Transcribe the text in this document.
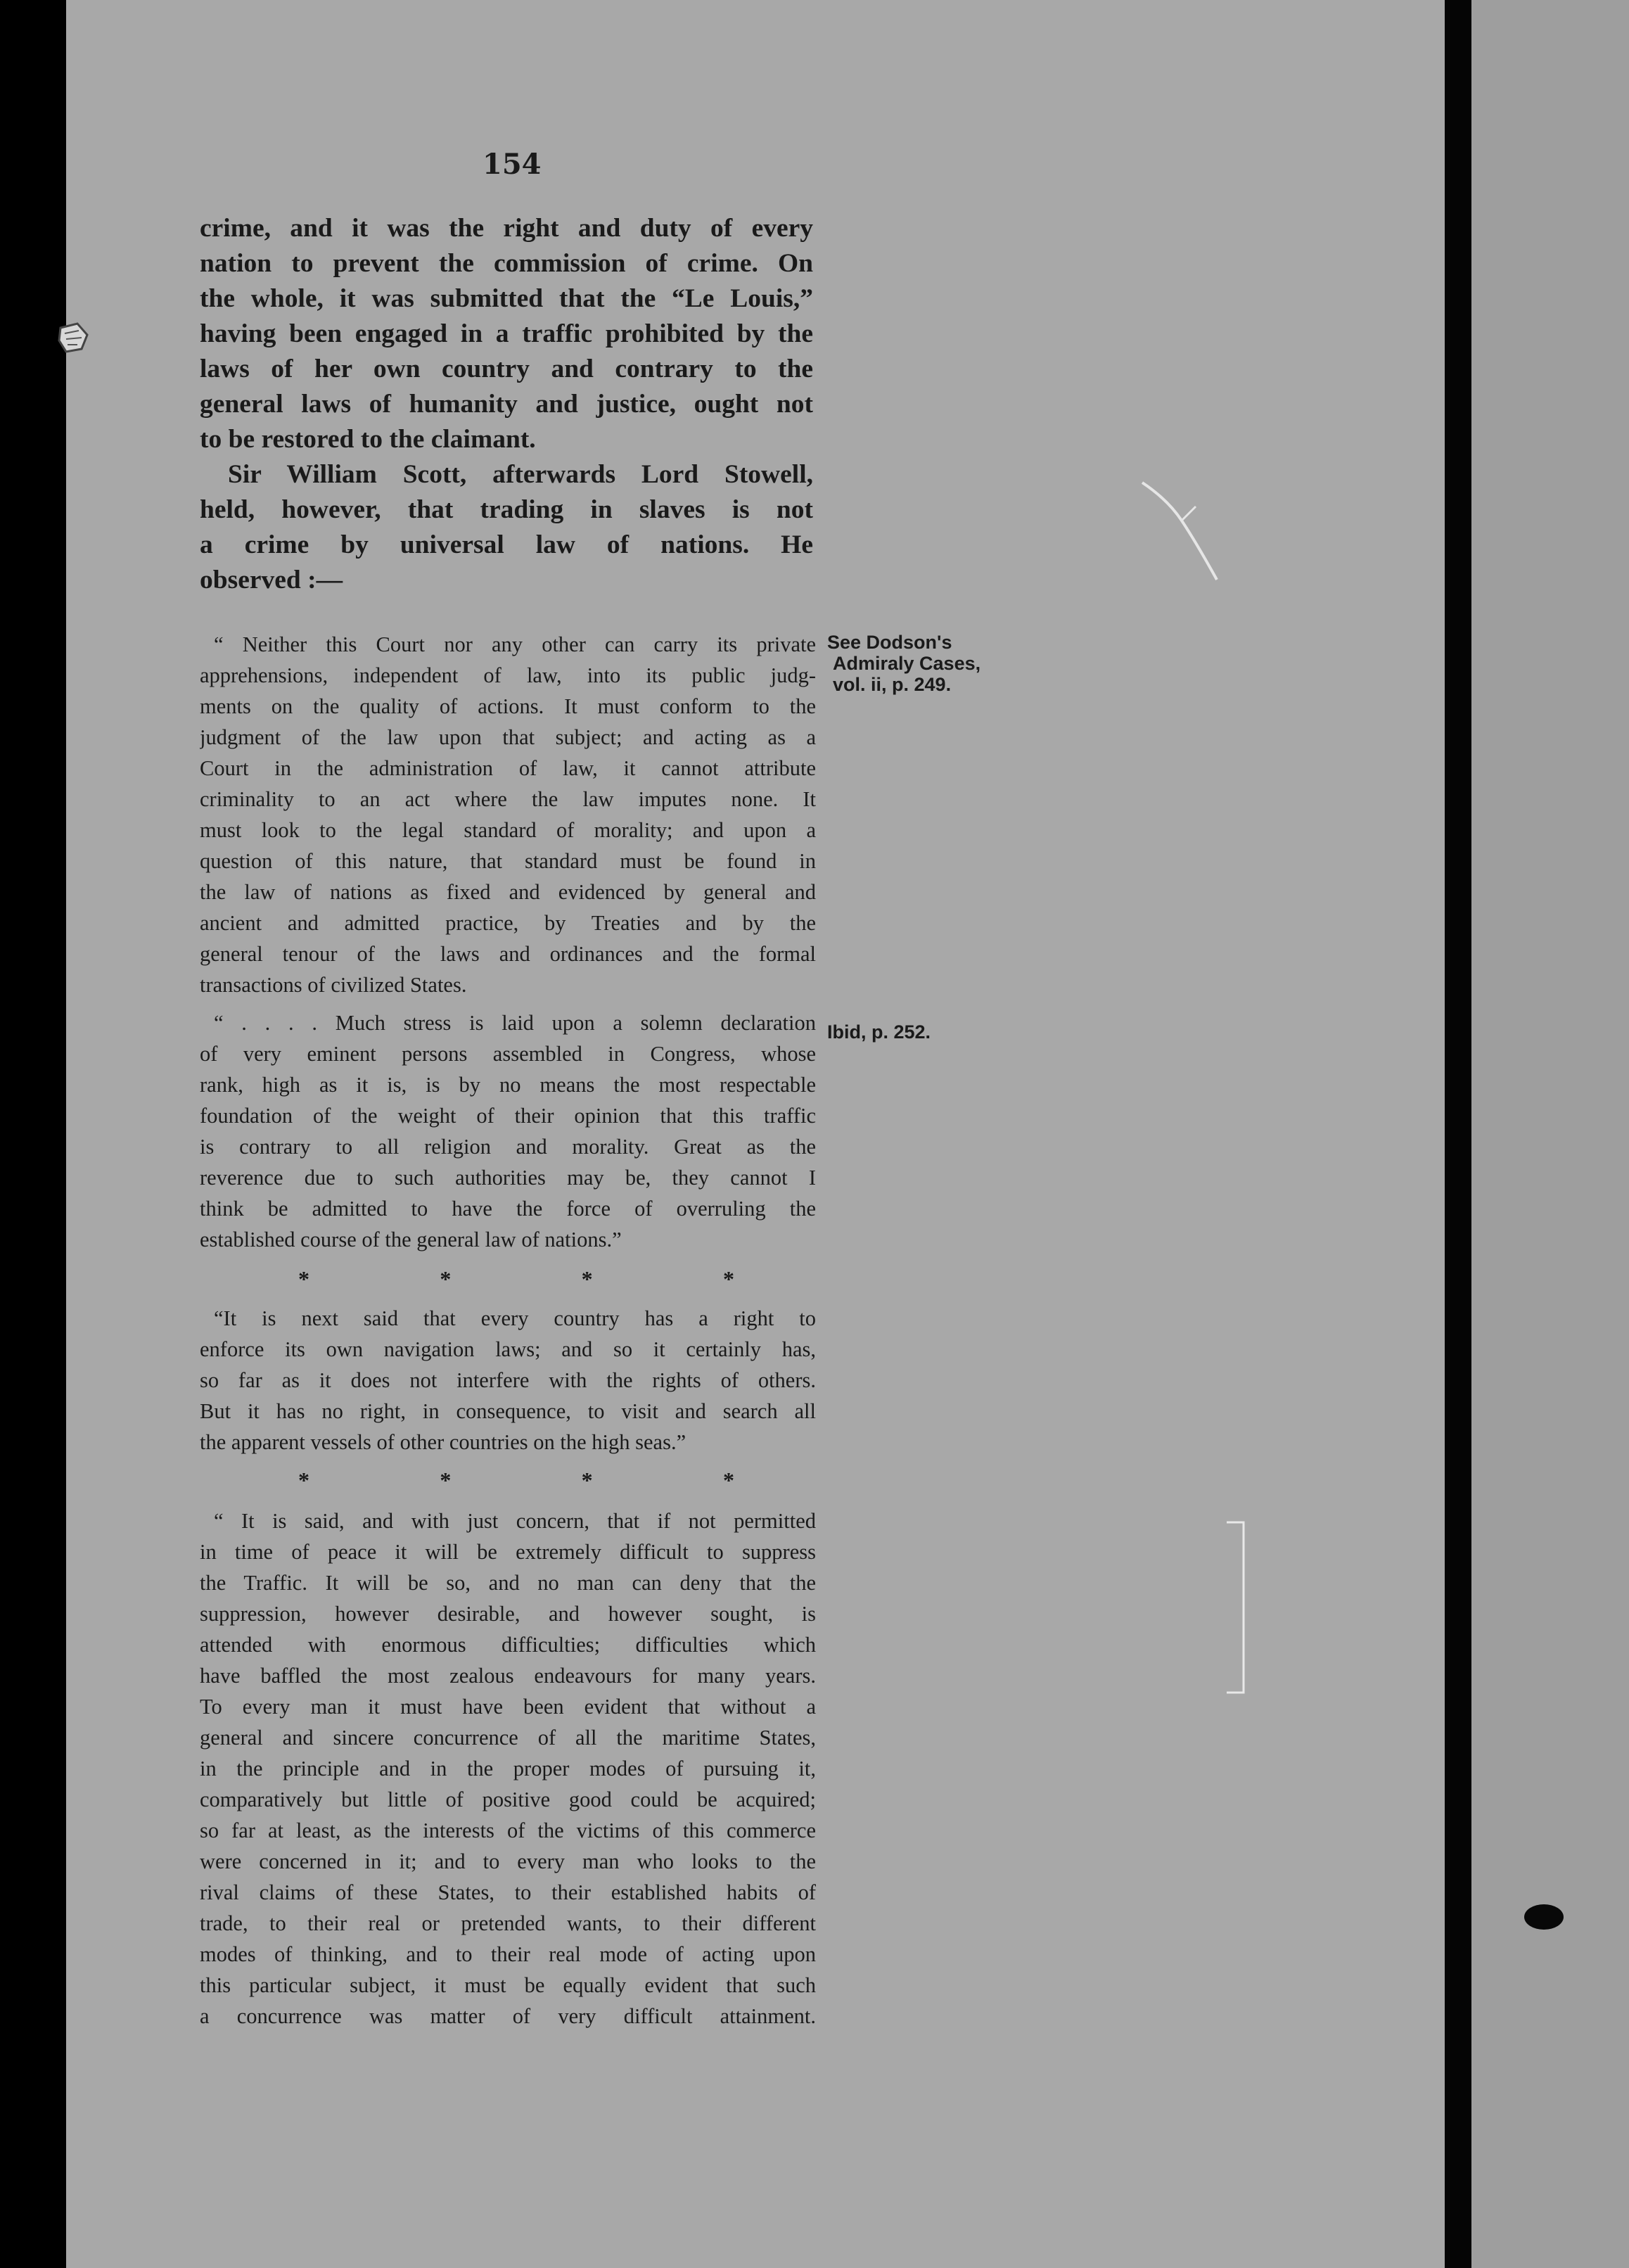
154
crime, and it was the right and duty of every
nation to prevent the commission of crime. On
the whole, it was submitted that the “Le Louis,”
having been engaged in a traffic prohibited by the
laws of her own country and contrary to the
general laws of humanity and justice, ought not
to be restored to the claimant.
Sir William Scott, afterwards Lord Stowell,
held, however, that trading in slaves is not
a crime by universal law of nations. He
observed :—
“ Neither this Court nor any other can carry its private
apprehensions, independent of law, into its public judg-
ments on the quality of actions. It must conform to the
judgment of the law upon that subject; and acting as a
Court in the administration of law, it cannot attribute
criminality to an act where the law imputes none. It
must look to the legal standard of morality; and upon a
question of this nature, that standard must be found in
the law of nations as fixed and evidenced by general and
ancient and admitted practice, by Treaties and by the
general tenour of the laws and ordinances and the formal
transactions of civilized States.
“ . . . . Much stress is laid upon a solemn declaration
of very eminent persons assembled in Congress, whose
rank, high as it is, is by no means the most respectable
foundation of the weight of their opinion that this traffic
is contrary to all religion and morality. Great as the
reverence due to such authorities may be, they cannot I
think be admitted to have the force of overruling the
established course of the general law of nations.”
*	*	*	*
“It is next said that every country has a right to
enforce its own navigation laws; and so it certainly has,
so far as it does not interfere with the rights of others.
But it has no right, in consequence, to visit and search all
the apparent vessels of other countries on the high seas.”
*	*	*	*
“ It is said, and with just concern, that if not permitted
in time of peace it will be extremely difficult to suppress
the Traffic. It will be so, and no man can deny that the
suppression, however desirable, and however sought, is
attended with enormous difficulties; difficulties which
have baffled the most zealous endeavours for many years.
To every man it must have been evident that without a
general and sincere concurrence of all the maritime States,
in the principle and in the proper modes of pursuing it,
comparatively but little of positive good could be acquired;
so far at least, as the interests of the victims of this commerce
were concerned in it; and to every man who looks to the
rival claims of these States, to their established habits of
trade, to their real or pretended wants, to their different
modes of thinking, and to their real mode of acting upon
this particular subject, it must be equally evident that such
a concurrence was matter of very difficult attainment.
See Dodson's
Admiraly Cases,
vol. ii, p. 249.
Ibid, p. 252.
